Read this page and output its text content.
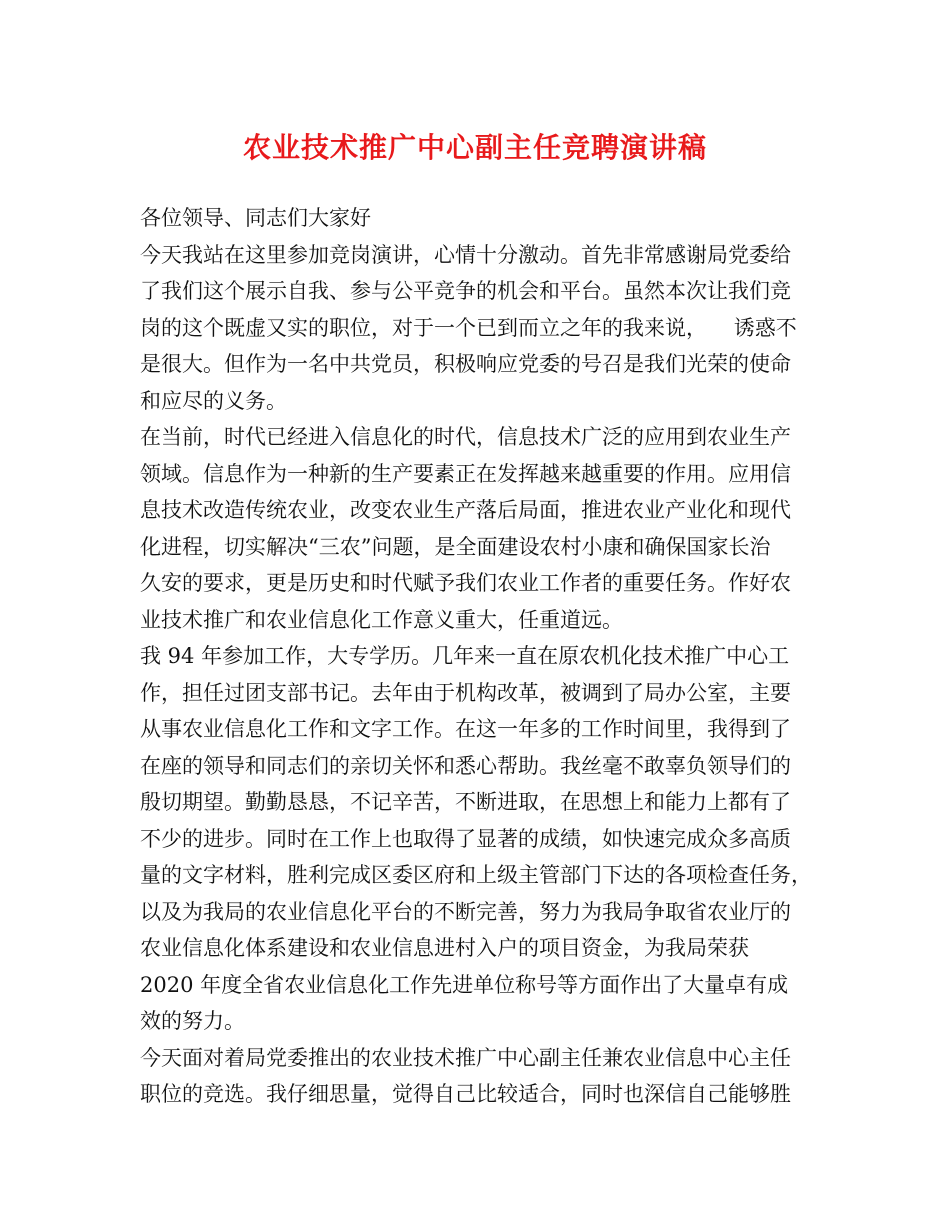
农业技术推广中心副主任竞聘演讲稿
各位领导、同志们大家好
今天我站在这里参加竞岗演讲，心情十分激动。首先非常感谢局党委给
了我们这个展示自我、参与公平竞争的机会和平台。虽然本次让我们竞
岗的这个既虚又实的职位，对于一个已到而立之年的我来说，    诱惑不
是很大。但作为一名中共党员，积极响应党委的号召是我们光荣的使命
和应尽的义务。
在当前，时代已经进入信息化的时代，信息技术广泛的应用到农业生产
领域。信息作为一种新的生产要素正在发挥越来越重要的作用。应用信
息技术改造传统农业，改变农业生产落后局面，推进农业产业化和现代
化进程，切实解决“三农”问题，是全面建设农村小康和确保国家长治
久安的要求，更是历史和时代赋予我们农业工作者的重要任务。作好农
业技术推广和农业信息化工作意义重大，任重道远。
我 94 年参加工作，大专学历。几年来一直在原农机化技术推广中心工
作，担任过团支部书记。去年由于机构改革，被调到了局办公室，主要
从事农业信息化工作和文字工作。在这一年多的工作时间里，我得到了
在座的领导和同志们的亲切关怀和悉心帮助。我丝毫不敢辜负领导们的
殷切期望。勤勤恳恳，不记辛苦，不断进取，在思想上和能力上都有了
不少的进步。同时在工作上也取得了显著的成绩，如快速完成众多高质
量的文字材料，胜利完成区委区府和上级主管部门下达的各项检查任务，
以及为我局的农业信息化平台的不断完善，努力为我局争取省农业厅的
农业信息化体系建设和农业信息进村入户的项目资金，为我局荣获
2020 年度全省农业信息化工作先进单位称号等方面作出了大量卓有成
效的努力。
今天面对着局党委推出的农业技术推广中心副主任兼农业信息中心主任
职位的竞选。我仔细思量，觉得自己比较适合，同时也深信自己能够胜
